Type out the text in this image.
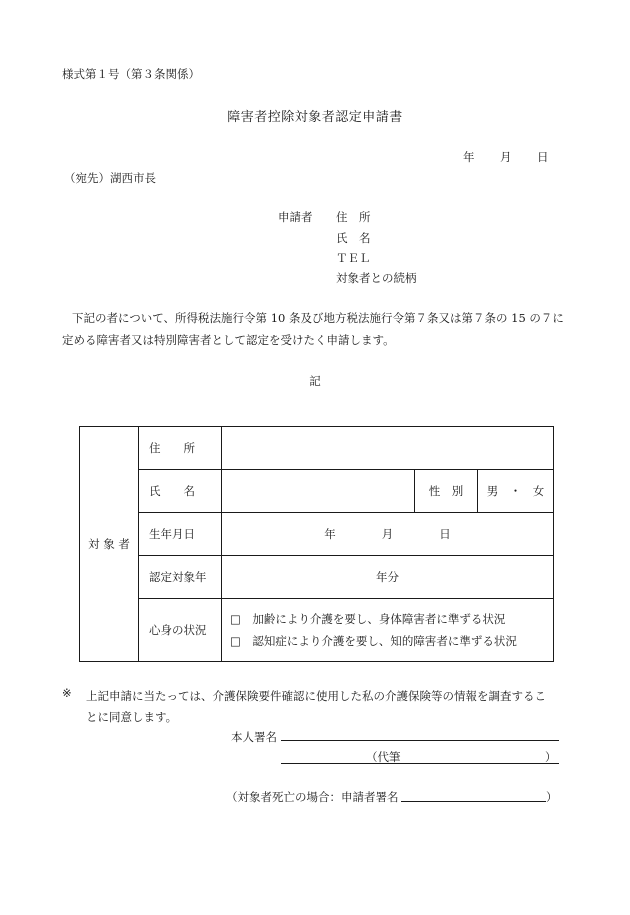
様式第１号（第３条関係）
障害者控除対象者認定申請書
年 月 日
（宛先）湖西市長
申請者 住　所
氏　名
ＴＥＬ
対象者との続柄
下記の者について、所得税法施行令第 10 条及び地方税法施行令第７条又は第７条の 15 の７に定める障害者又は特別障害者として認定を受けたく申請します。
記
対 象 者	住　　所			
	氏　　名		性　別	男　・　女
	生年月日	年　　　　月　　　　日		
	認定対象年	年分		
	心身の状況	□　加齢により介護を要し、身体障害者に準ずる状況
□　認知症により介護を要し、知的障害者に準ずる状況		
※ 上記申請に当たっては、介護保険要件確認に使用した私の介護保険等の情報を調査することに同意します。
本人署名
（代筆	）
（対象者死亡の場合：申請者署名	）
